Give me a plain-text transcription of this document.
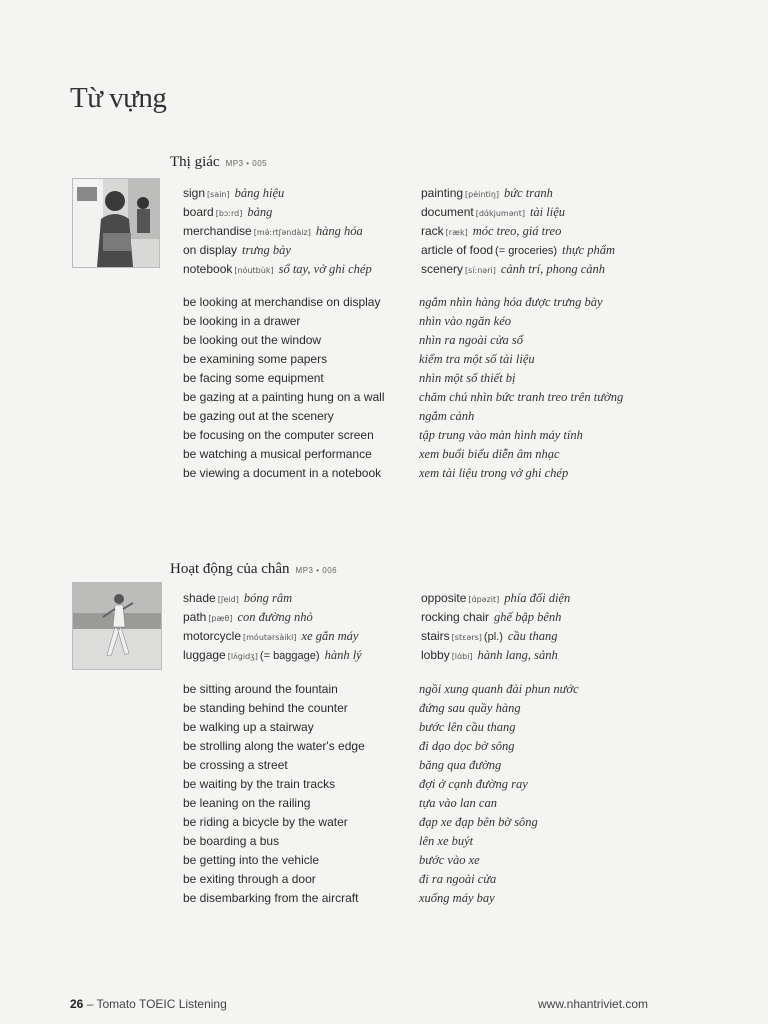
Từ vựng
Thị giác MP3 • 005
sign [sain] bảng hiệu
board [bɔːrd] bảng
merchandise [mə́ːrtʃəndàiz] hàng hóa
on display trưng bày
notebook [nóutbùk] sổ tay, vở ghi chép
painting [péintiŋ] bức tranh
document [dɑ́kjumənt] tài liệu
rack [ræk] móc treo, giá treo
article of food (= groceries) thực phẩm
scenery [síːnəri] cảnh trí, phong cảnh
be looking at merchandise on display
be looking in a drawer
be looking out the window
be examining some papers
be facing some equipment
be gazing at a painting hung on a wall
be gazing out at the scenery
be focusing on the computer screen
be watching a musical performance
be viewing a document in a notebook
ngắm nhìn hàng hóa được trưng bày
nhìn vào ngăn kéo
nhìn ra ngoài cửa sổ
kiểm tra một số tài liệu
nhìn một số thiết bị
chăm chú nhìn bức tranh treo trên tường
ngắm cảnh
tập trung vào màn hình máy tính
xem buổi biểu diễn âm nhạc
xem tài liệu trong vở ghi chép
Hoạt động của chân MP3 • 006
shade [ʃeid] bóng râm
path [pæθ] con đường nhỏ
motorcycle [móutərsàikl] xe gắn máy
luggage [lʌ́gidʒ] (= baggage) hành lý
opposite [ɑ́pəzit] phía đối diện
rocking chair ghế bập bênh
stairs [stɛərs] (pl.) cầu thang
lobby [lɑ́bi] hành lang, sảnh
be sitting around the fountain
be standing behind the counter
be walking up a stairway
be strolling along the water's edge
be crossing a street
be waiting by the train tracks
be leaning on the railing
be riding a bicycle by the water
be boarding a bus
be getting into the vehicle
be exiting through a door
be disembarking from the aircraft
ngồi xung quanh đài phun nước
đứng sau quầy hàng
bước lên cầu thang
đi dạo dọc bờ sông
băng qua đường
đợi ở cạnh đường ray
tựa vào lan can
đạp xe đạp bên bờ sông
lên xe buýt
bước vào xe
đi ra ngoài cửa
xuống máy bay
26 – Tomato TOEIC Listening	www.nhantriviet.com
